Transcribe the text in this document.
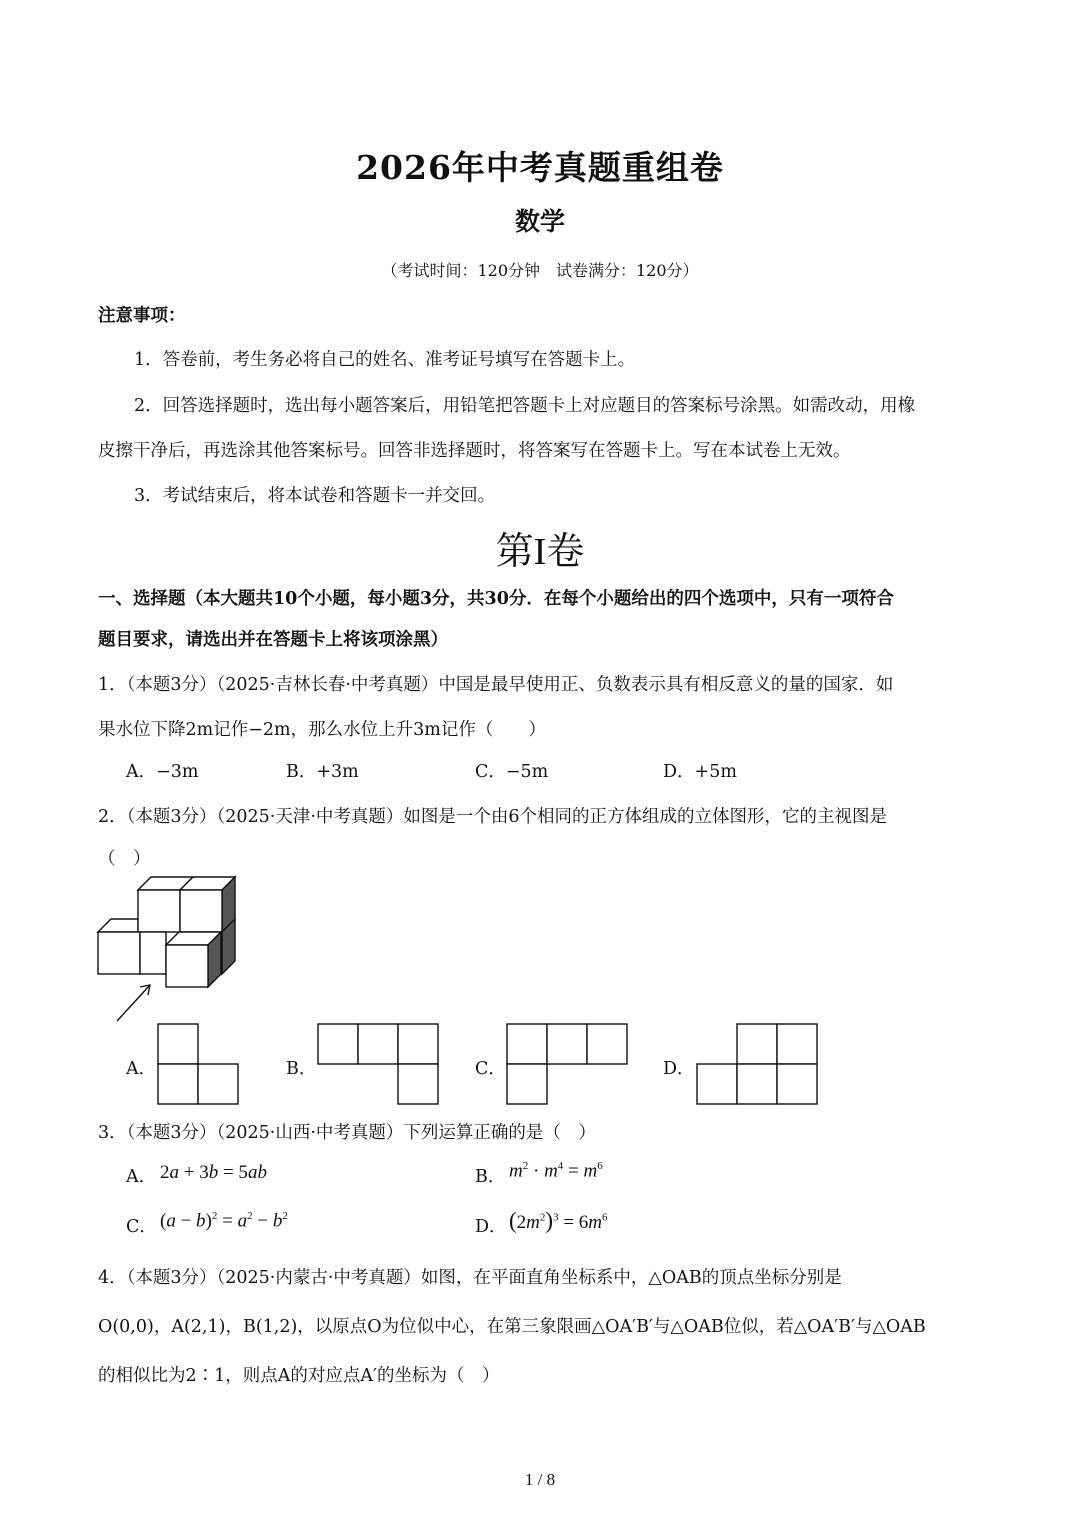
2026年中考真题重组卷
数学
（考试时间：120分钟　试卷满分：120分）
注意事项：
1．答卷前，考生务必将自己的姓名、准考证号填写在答题卡上。
2．回答选择题时，选出每小题答案后，用铅笔把答题卡上对应题目的答案标号涂黑。如需改动，用橡
皮擦干净后，再选涂其他答案标号。回答非选择题时，将答案写在答题卡上。写在本试卷上无效。
3．考试结束后，将本试卷和答题卡一并交回。
第I卷
一、选择题（本大题共10个小题，每小题3分，共30分．在每个小题给出的四个选项中，只有一项符合
题目要求，请选出并在答题卡上将该项涂黑）
1．（本题3分）（2025·吉林长春·中考真题）中国是最早使用正、负数表示具有相反意义的量的国家．如
果水位下降2m记作−2m，那么水位上升3m记作（　　）
A．−3m	B．+3m	C．−5m	D．+5m
2．（本题3分）（2025·天津·中考真题）如图是一个由6个相同的正方体组成的立体图形，它的主视图是
（　）
A．	B．	C．	D．
3．（本题3分）（2025·山西·中考真题）下列运算正确的是（　）
A． 2a + 3b = 5ab	B． $m^2 \cdot m^4 = m^6$
C． $(a - b)^2 = a^2 - b^2$
D． $(2m^2)^3 = 6m^6$
4．（本题3分）（2025·内蒙古·中考真题）如图，在平面直角坐标系中，△OAB的顶点坐标分别是
O(0,0)，A(2,1)，B(1,2)，以原点O为位似中心，在第三象限画△OA′B′与△OAB位似，若△OA′B′与△OAB
的相似比为2∶1，则点A的对应点A′的坐标为（　）
1 / 8
